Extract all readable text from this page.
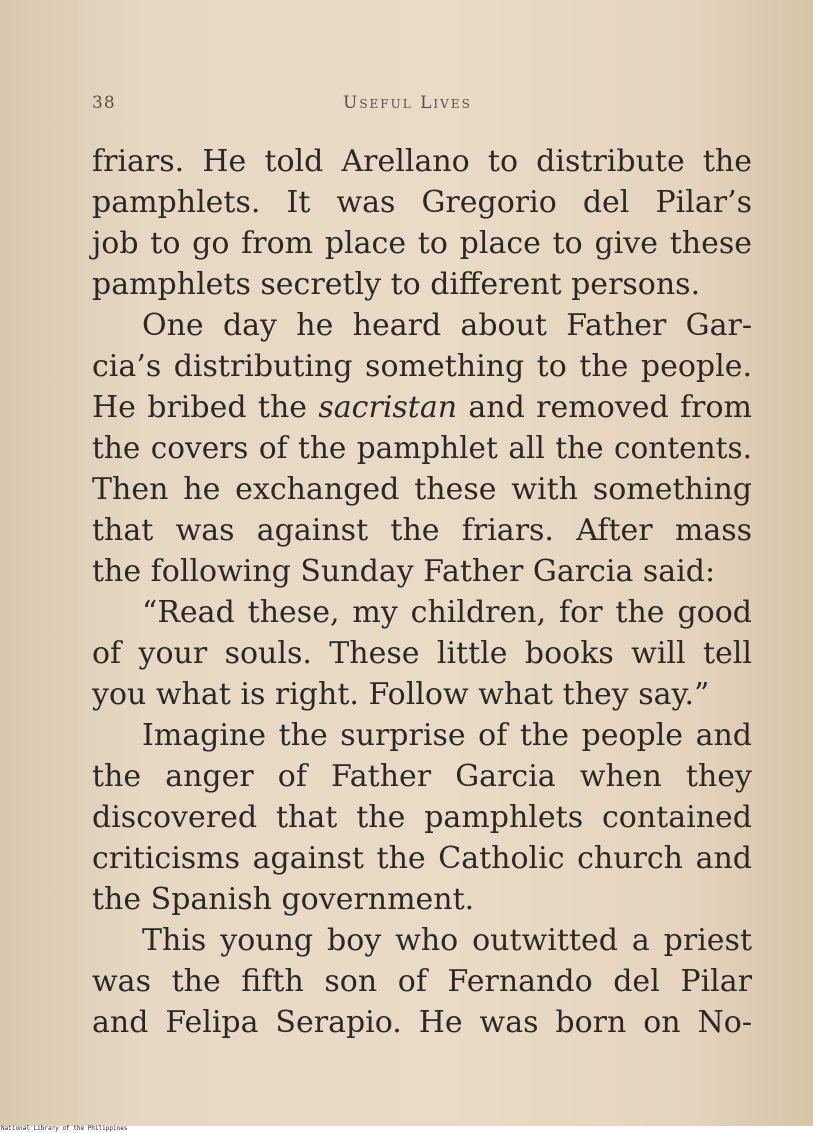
38	Useful Lives
friars. He told Arellano to distribute the
pamphlets. It was Gregorio del Pilar’s
job to go from place to place to give these
pamphlets secretly to different persons.
One day he heard about Father Gar-
cia’s distributing something to the people.
He bribed the sacristan and removed from
the covers of the pamphlet all the contents.
Then he exchanged these with something
that was against the friars. After mass
the following Sunday Father Garcia said:
“Read these, my children, for the good
of your souls. These little books will tell
you what is right. Follow what they say.”
Imagine the surprise of the people and
the anger of Father Garcia when they
discovered that the pamphlets contained
criticisms against the Catholic church and
the Spanish government.
This young boy who outwitted a priest
was the fifth son of Fernando del Pilar
and Felipa Serapio. He was born on No-
National Library of the Philippines
